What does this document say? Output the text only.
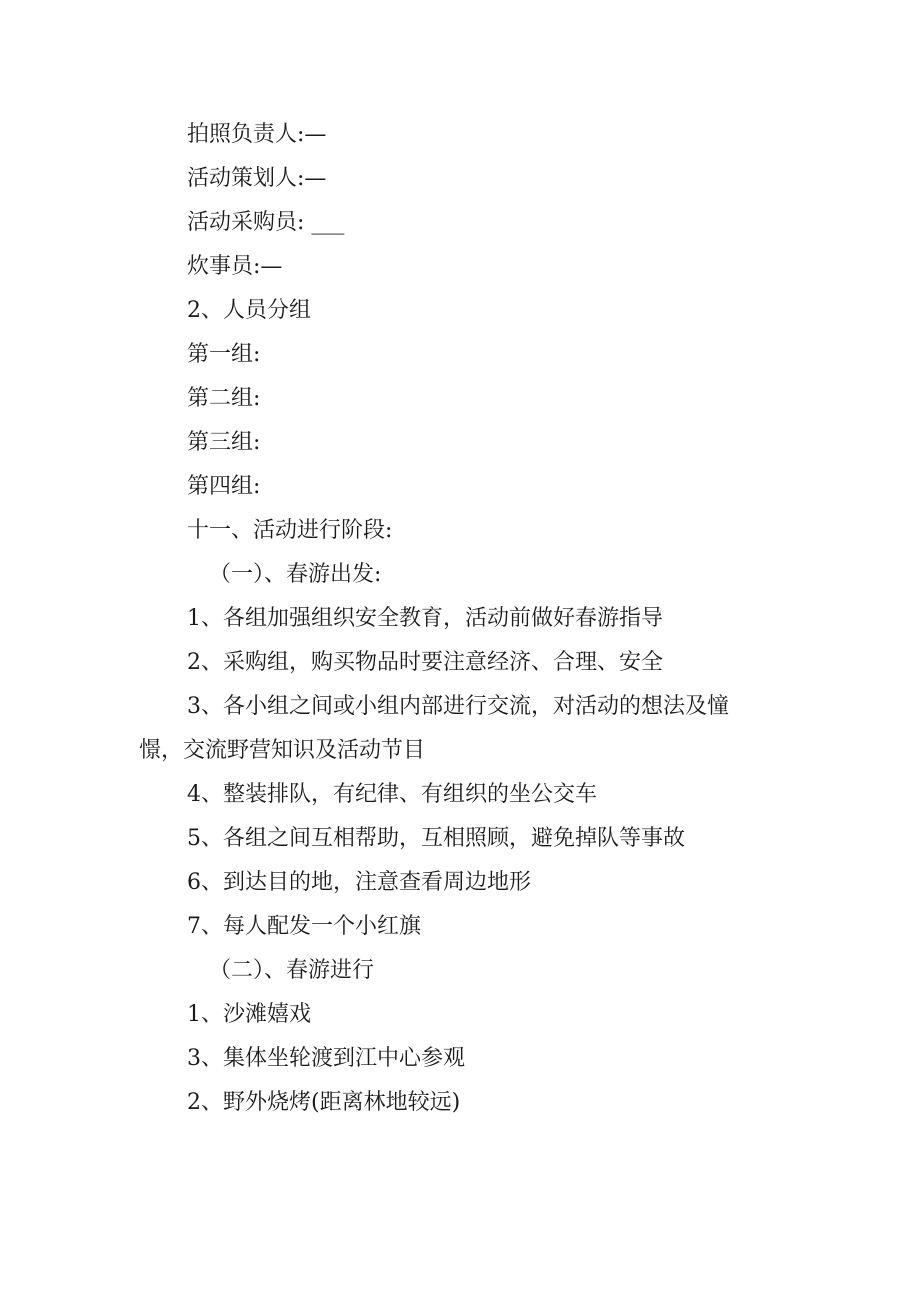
拍照负责人:—

活动策划人:—

活动采购员: ___

炊事员:—

2、人员分组

第一组:

第二组:

第三组:

第四组:

十一、活动进行阶段:

（一）、春游出发:

1、各组加强组织安全教育，活动前做好春游指导

2、采购组，购买物品时要注意经济、合理、安全

3、各小组之间或小组内部进行交流，对活动的想法及憧

憬，交流野营知识及活动节目

4、整装排队，有纪律、有组织的坐公交车

5、各组之间互相帮助，互相照顾，避免掉队等事故

6、到达目的地，注意查看周边地形

7、每人配发一个小红旗

（二）、春游进行

1、沙滩嬉戏

3、集体坐轮渡到江中心参观

2、野外烧烤(距离林地较远)
